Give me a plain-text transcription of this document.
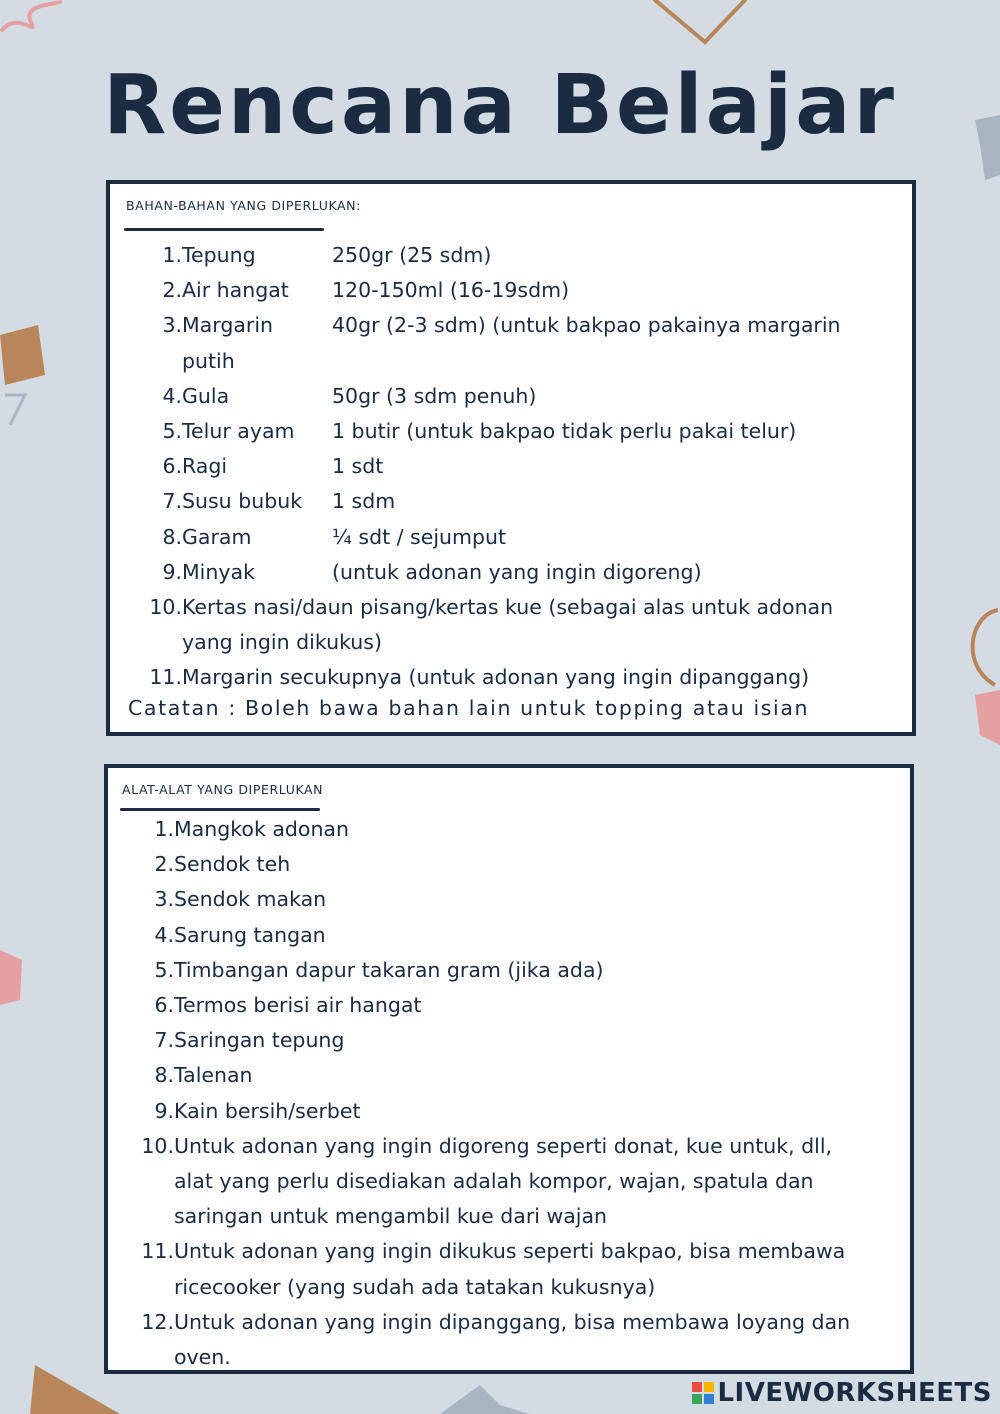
Rencana Belajar
BAHAN-BAHAN YANG DIPERLUKAN:
1. Tepung	250gr (25 sdm)
2. Air hangat	120-150ml (16-19sdm)
3. Margarin	40gr (2-3 sdm) (untuk bakpao pakainya margarin
putih
4. Gula	50gr (3 sdm penuh)
5. Telur ayam	1 butir (untuk bakpao tidak perlu pakai telur)
6. Ragi	1 sdt
7. Susu bubuk	1 sdm
8. Garam	¼ sdt / sejumput
9. Minyak	(untuk adonan yang ingin digoreng)
10. Kertas nasi/daun pisang/kertas kue (sebagai alas untuk adonan
yang ingin dikukus)
11. Margarin secukupnya (untuk adonan yang ingin dipanggang)
Catatan : Boleh bawa bahan lain untuk topping atau isian
ALAT-ALAT YANG DIPERLUKAN
1. Mangkok adonan
2. Sendok teh
3. Sendok makan
4. Sarung tangan
5. Timbangan dapur takaran gram (jika ada)
6. Termos berisi air hangat
7. Saringan tepung
8. Talenan
9. Kain bersih/serbet
10. Untuk adonan yang ingin digoreng seperti donat, kue untuk, dll,
alat yang perlu disediakan adalah kompor, wajan, spatula dan
saringan untuk mengambil kue dari wajan
11. Untuk adonan yang ingin dikukus seperti bakpao, bisa membawa
ricecooker (yang sudah ada tatakan kukusnya)
12. Untuk adonan yang ingin dipanggang, bisa membawa loyang dan
oven.
LIVEWORKSHEETS
